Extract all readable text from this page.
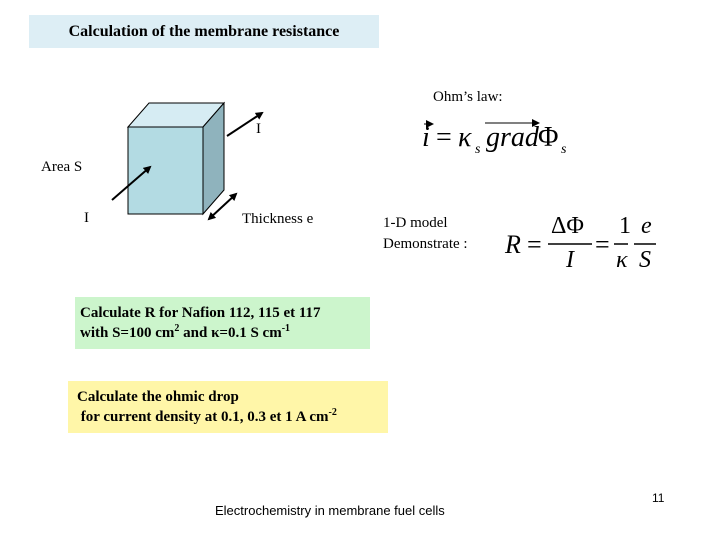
Calculation of the membrane resistance
Area S
I
I	Thickness e
Ohm’s law:
i = κ s grad Φ s
1-D model
Demonstrate : R =
ΔΦ
I
=
1
κ
e
S
Calculate R for Nafion 112, 115 et 117
with S=100 $cm^2$ and κ=0.1 S $cm^{-1}$
Calculate the ohmic drop
for current density at 0.1, 0.3 et 1 A $cm^{-2}$
Electrochemistry in membrane fuel cells
11
